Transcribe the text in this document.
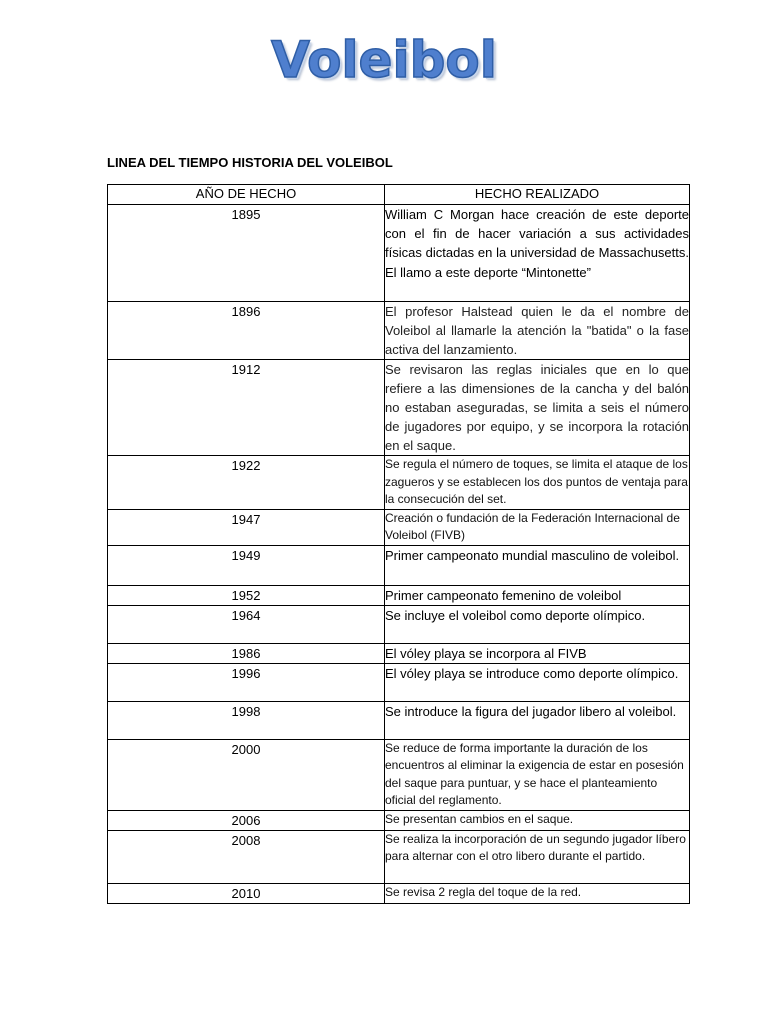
Voleibol
LINEA DEL TIEMPO HISTORIA DEL VOLEIBOL
AÑO DE HECHO	HECHO REALIZADO
1895	William C Morgan hace creación de este deporte con el fin de hacer variación a sus actividades físicas dictadas en la universidad de Massachusetts. El llamo a este deporte “Mintonette”
1896	El profesor Halstead quien le da el nombre de Voleibol al llamarle la atención la "batida" o la fase activa del lanzamiento.
1912	Se revisaron las reglas iniciales que en lo que refiere a las dimensiones de la cancha y del balón no estaban aseguradas, se limita a seis el número de jugadores por equipo, y se incorpora la rotación en el saque.
1922	Se regula el número de toques, se limita el ataque de los zagueros y se establecen los dos puntos de ventaja para la consecución del set.
1947	Creación o fundación de la Federación Internacional de Voleibol (FIVB)
1949	Primer campeonato mundial masculino de voleibol.
1952	Primer campeonato femenino de voleibol
1964	Se incluye el voleibol como deporte olímpico.
1986	El vóley playa se incorpora al FIVB
1996	El vóley playa se introduce como deporte olímpico.
1998	Se introduce la figura del jugador libero al voleibol.
2000	Se reduce de forma importante la duración de los encuentros al eliminar la exigencia de estar en posesión del saque para puntuar, y se hace el planteamiento oficial del reglamento.
2006	Se presentan cambios en el saque.
2008	Se realiza la incorporación de un segundo jugador líbero para alternar con el otro libero durante el partido.
2010	Se revisa 2 regla del toque de la red.
